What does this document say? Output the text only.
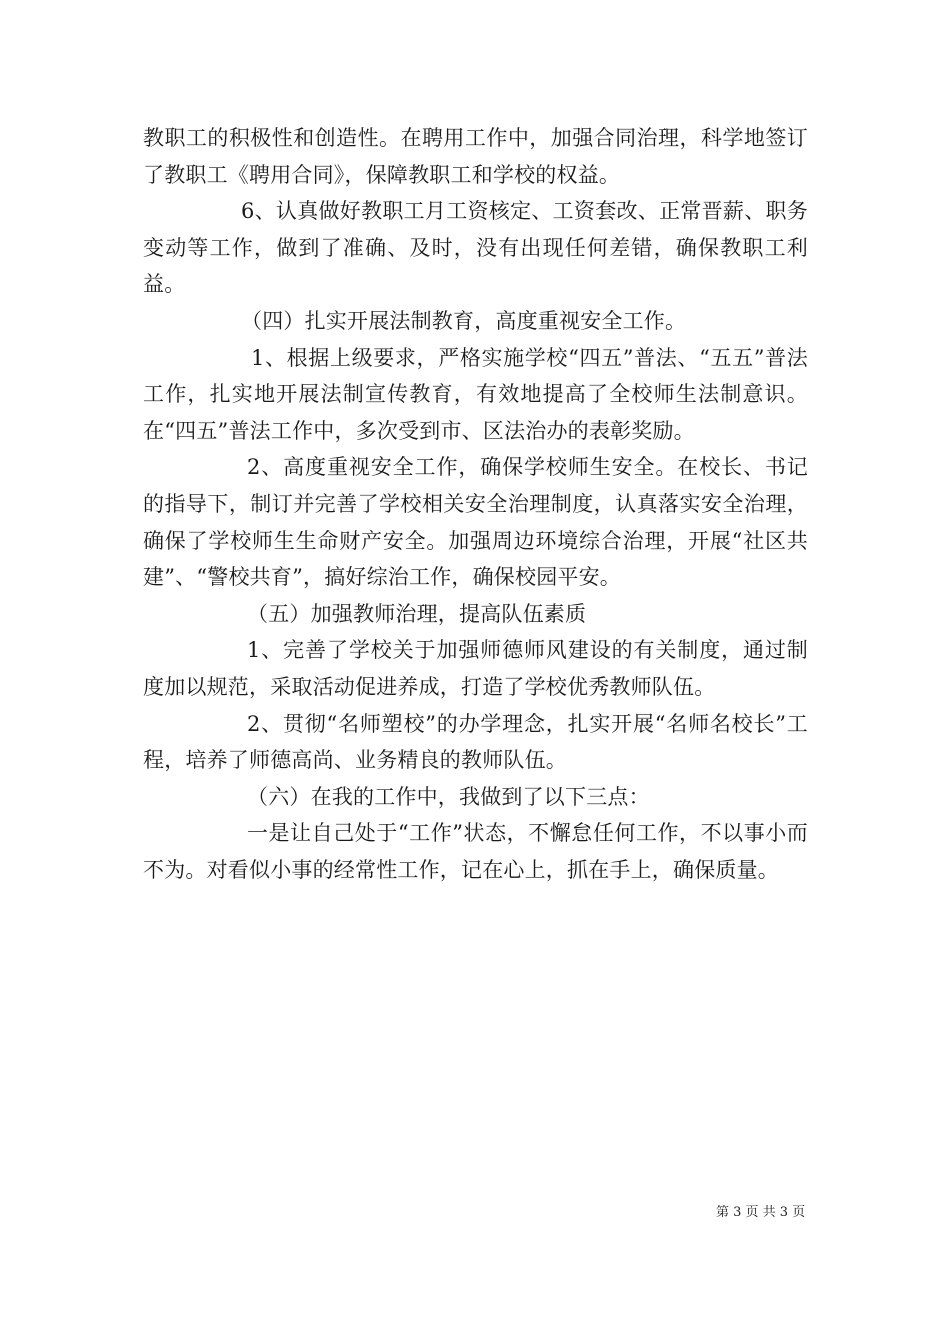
教职工的积极性和创造性。在聘用工作中，加强合同治理，科学地签订了教职工《聘用合同》，保障教职工和学校的权益。

6、认真做好教职工月工资核定、工资套改、正常晋薪、职务变动等工作，做到了准确、及时，没有出现任何差错，确保教职工利益。

（四）扎实开展法制教育，高度重视安全工作。

1、根据上级要求，严格实施学校“四五”普法、“五五”普法工作，扎实地开展法制宣传教育，有效地提高了全校师生法制意识。在“四五”普法工作中，多次受到市、区法治办的表彰奖励。

2、高度重视安全工作，确保学校师生安全。在校长、书记的指导下，制订并完善了学校相关安全治理制度，认真落实安全治理，确保了学校师生生命财产安全。加强周边环境综合治理，开展“社区共建”、“警校共育”，搞好综治工作，确保校园平安。

（五）加强教师治理，提高队伍素质

1、完善了学校关于加强师德师风建设的有关制度，通过制度加以规范，采取活动促进养成，打造了学校优秀教师队伍。

2、贯彻“名师塑校”的办学理念，扎实开展“名师名校长”工程，培养了师德高尚、业务精良的教师队伍。

（六）在我的工作中，我做到了以下三点：

一是让自己处于“工作”状态，不懈怠任何工作，不以事小而不为。对看似小事的经常性工作，记在心上，抓在手上，确保质量。

第 3 页 共 3 页
